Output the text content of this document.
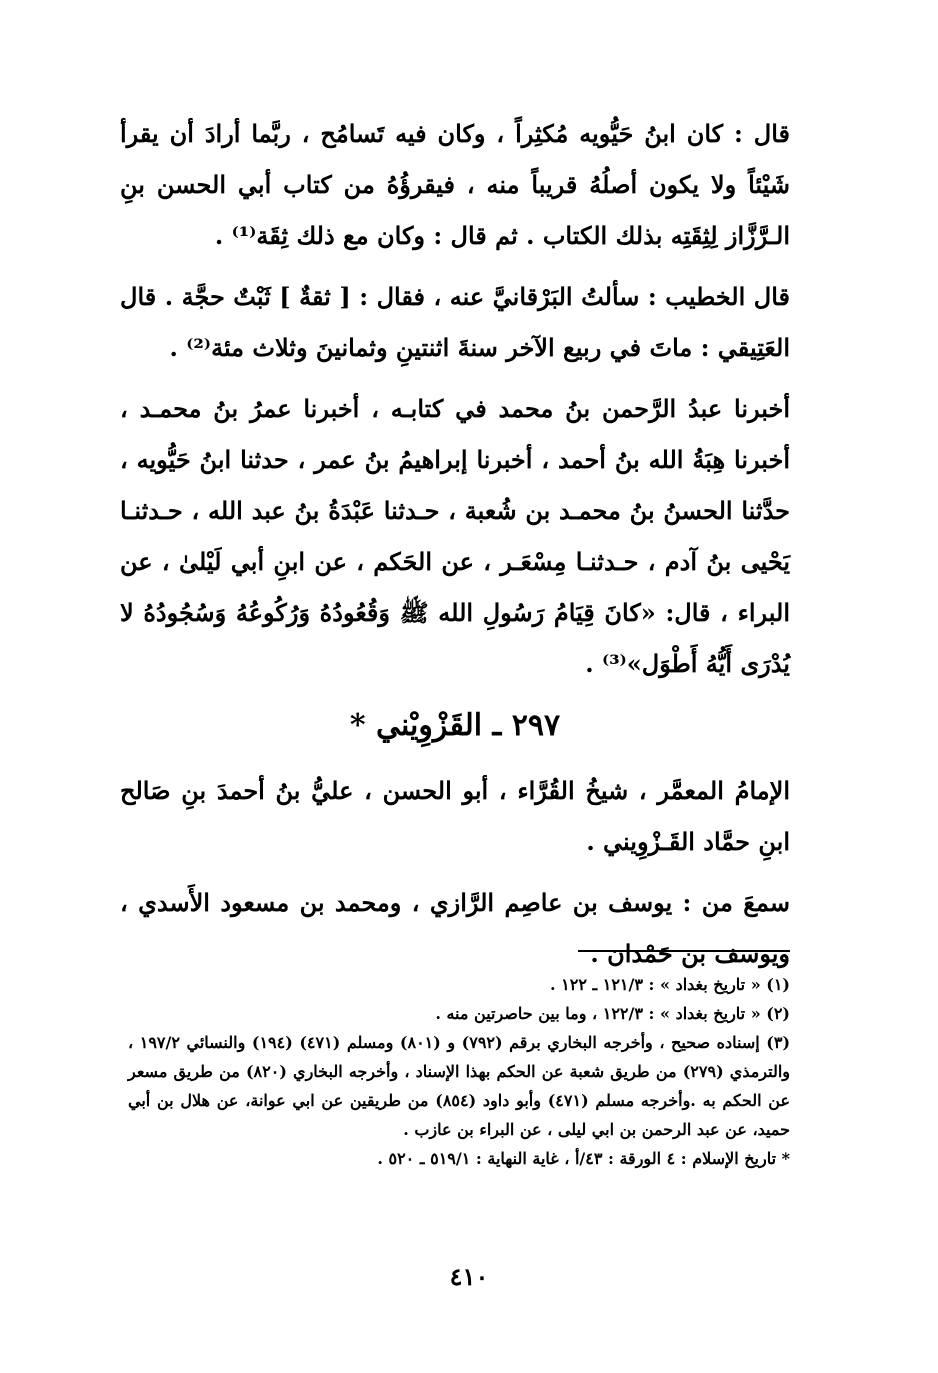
قال : كان ابنُ حَيُّويه مُكثِراً ، وكان فيه تَسامُح ، ربَّما أرادَ أن يقرأ شَيْئاً ولا يكون أصلُهُ قريباً منه ، فيقرؤُهُ من كتاب أبي الحسن بنِ الـرَّزَّاز لِثِقَتِه بذلك الكتاب . ثم قال : وكان مع ذلك ثِقَة⁽¹⁾ .

قال الخطيب : سألتُ البَرْقانيَّ عنه ، فقال : [ ثقةٌ ] ثَبْتٌ حجَّة . قال العَتِيقي : ماتَ في ربيع الآخر سنةَ اثنتينِ وثمانينَ وثلاث مئة⁽²⁾ .

أخبرنا عبدُ الرَّحمن بنُ محمد في كتابـه ، أخبرنا عمرُ بنُ محمـد ، أخبرنا هِبَةُ الله بنُ أحمد ، أخبرنا إبراهيمُ بنُ عمر ، حدثنا ابنُ حَيُّويه ، حدَّثنا الحسنُ بنُ محمـد بن شُعبة ، حـدثنا عَبْدَةُ بنُ عبد الله ، حـدثنـا يَحْيى بنُ آدم ، حـدثنـا مِسْعَـر ، عن الحَكم ، عن ابنِ أبي لَيْلىٰ ، عن البراء ، قال: «كانَ قِيَامُ رَسُولِ الله ﷺ وَقُعُودُهُ وَرُكُوعُهُ وَسُجُودُهُ لا يُدْرَى أَيُّهُ أَطْوَل»⁽³⁾ .

٢٩٧ ـ القَزْوِيْني *

الإمامُ المعمَّر ، شيخُ القُرَّاء ، أبو الحسن ، عليُّ بنُ أحمدَ بنِ صَالح ابنِ حمَّاد القَـزْوِيني .

سمعَ من : يوسف بن عاصِم الرَّازي ، ومحمد بن مسعود الأَسدي ، ويوسف بن حَمْدان .

(١) « تاريخ بغداد » : ١٢١/٣ ـ ١٢٢ .

(٢) « تاريخ بغداد » : ١٢٢/٣ ، وما بين حاصرتين منه .

(٣) إسناده صحيح ، وأخرجه البخاري برقم (٧٩٢) و (٨٠١) ومسلم (٤٧١) (١٩٤) والنسائي ١٩٧/٢ ، والترمذي (٢٧٩) من طريق شعبة عن الحكم بهذا الإسناد ، وأخرجه البخاري (٨٢٠) من طريق مسعر عن الحكم به .وأخرجه مسلم (٤٧١) وأبو داود (٨٥٤) من طريقين عن ابي عوانة، عن هلال بن أبي حميد، عن عبد الرحمن بن ابي ليلى ، عن البراء بن عازب .

* تاريخ الإسلام : ٤ الورقة : ٤٣/أ ، غاية النهاية : ٥١٩/١ ـ ٥٢٠ .

٤١٠
